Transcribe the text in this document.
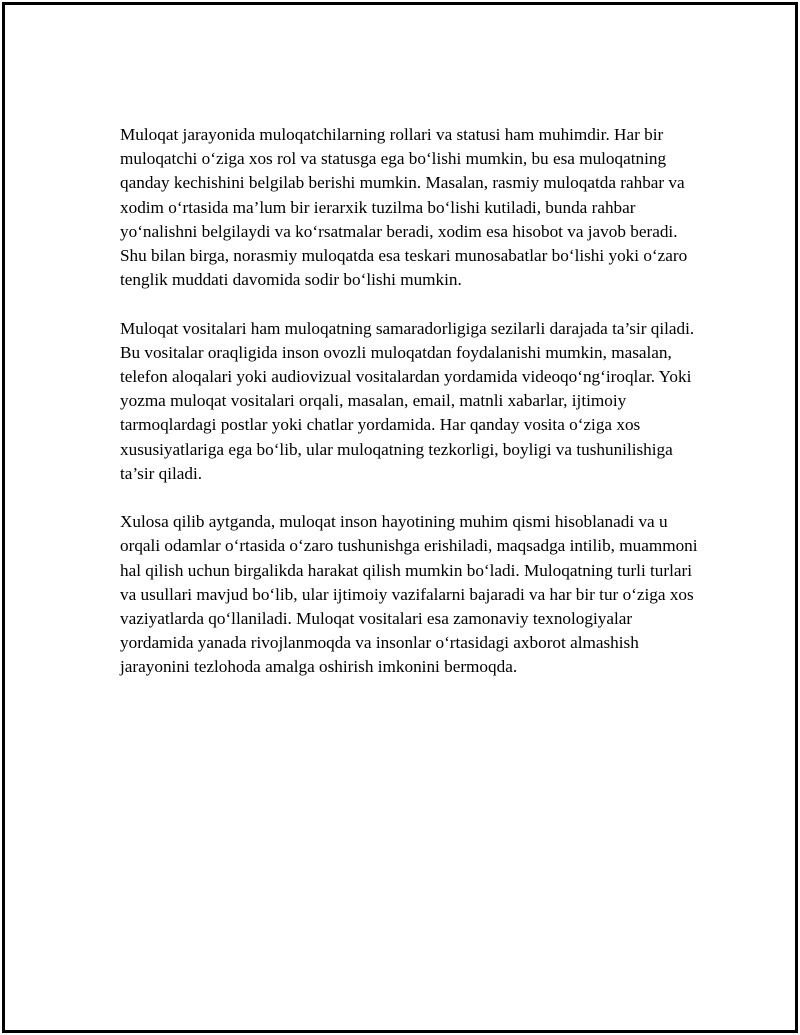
Muloqat jarayonida muloqatchilarning rollari va statusi ham muhimdir. Har bir muloqatchi o‘ziga xos rol va statusga ega bo‘lishi mumkin, bu esa muloqatning qanday kechishini belgilab berishi mumkin. Masalan, rasmiy muloqatda rahbar va xodim o‘rtasida ma’lum bir ierarxik tuzilma bo‘lishi kutiladi, bunda rahbar yo‘nalishni belgilaydi va ko‘rsatmalar beradi, xodim esa hisobot va javob beradi. Shu bilan birga, norasmiy muloqatda esa teskari munosabatlar bo‘lishi yoki o‘zaro tenglik muddati davomida sodir bo‘lishi mumkin.

Muloqat vositalari ham muloqatning samaradorligiga sezilarli darajada ta’sir qiladi. Bu vositalar oraqligida inson ovozli muloqatdan foydalanishi mumkin, masalan, telefon aloqalari yoki audiovizual vositalardan yordamida videoqo‘ng‘iroqlar. Yoki yozma muloqat vositalari orqali, masalan, email, matnli xabarlar, ijtimoiy tarmoqlardagi postlar yoki chatlar yordamida. Har qanday vosita o‘ziga xos xususiyatlariga ega bo‘lib, ular muloqatning tezkorligi, boyligi va tushunilishiga ta’sir qiladi.

Xulosa qilib aytganda, muloqat inson hayotining muhim qismi hisoblanadi va u orqali odamlar o‘rtasida o‘zaro tushunishga erishiladi, maqsadga intilib, muammoni hal qilish uchun birgalikda harakat qilish mumkin bo‘ladi. Muloqatning turli turlari va usullari mavjud bo‘lib, ular ijtimoiy vazifalarni bajaradi va har bir tur o‘ziga xos vaziyatlarda qo‘llaniladi. Muloqat vositalari esa zamonaviy texnologiyalar yordamida yanada rivojlanmoqda va insonlar o‘rtasidagi axborot almashish jarayonini tezlohoda amalga oshirish imkonini bermoqda.
